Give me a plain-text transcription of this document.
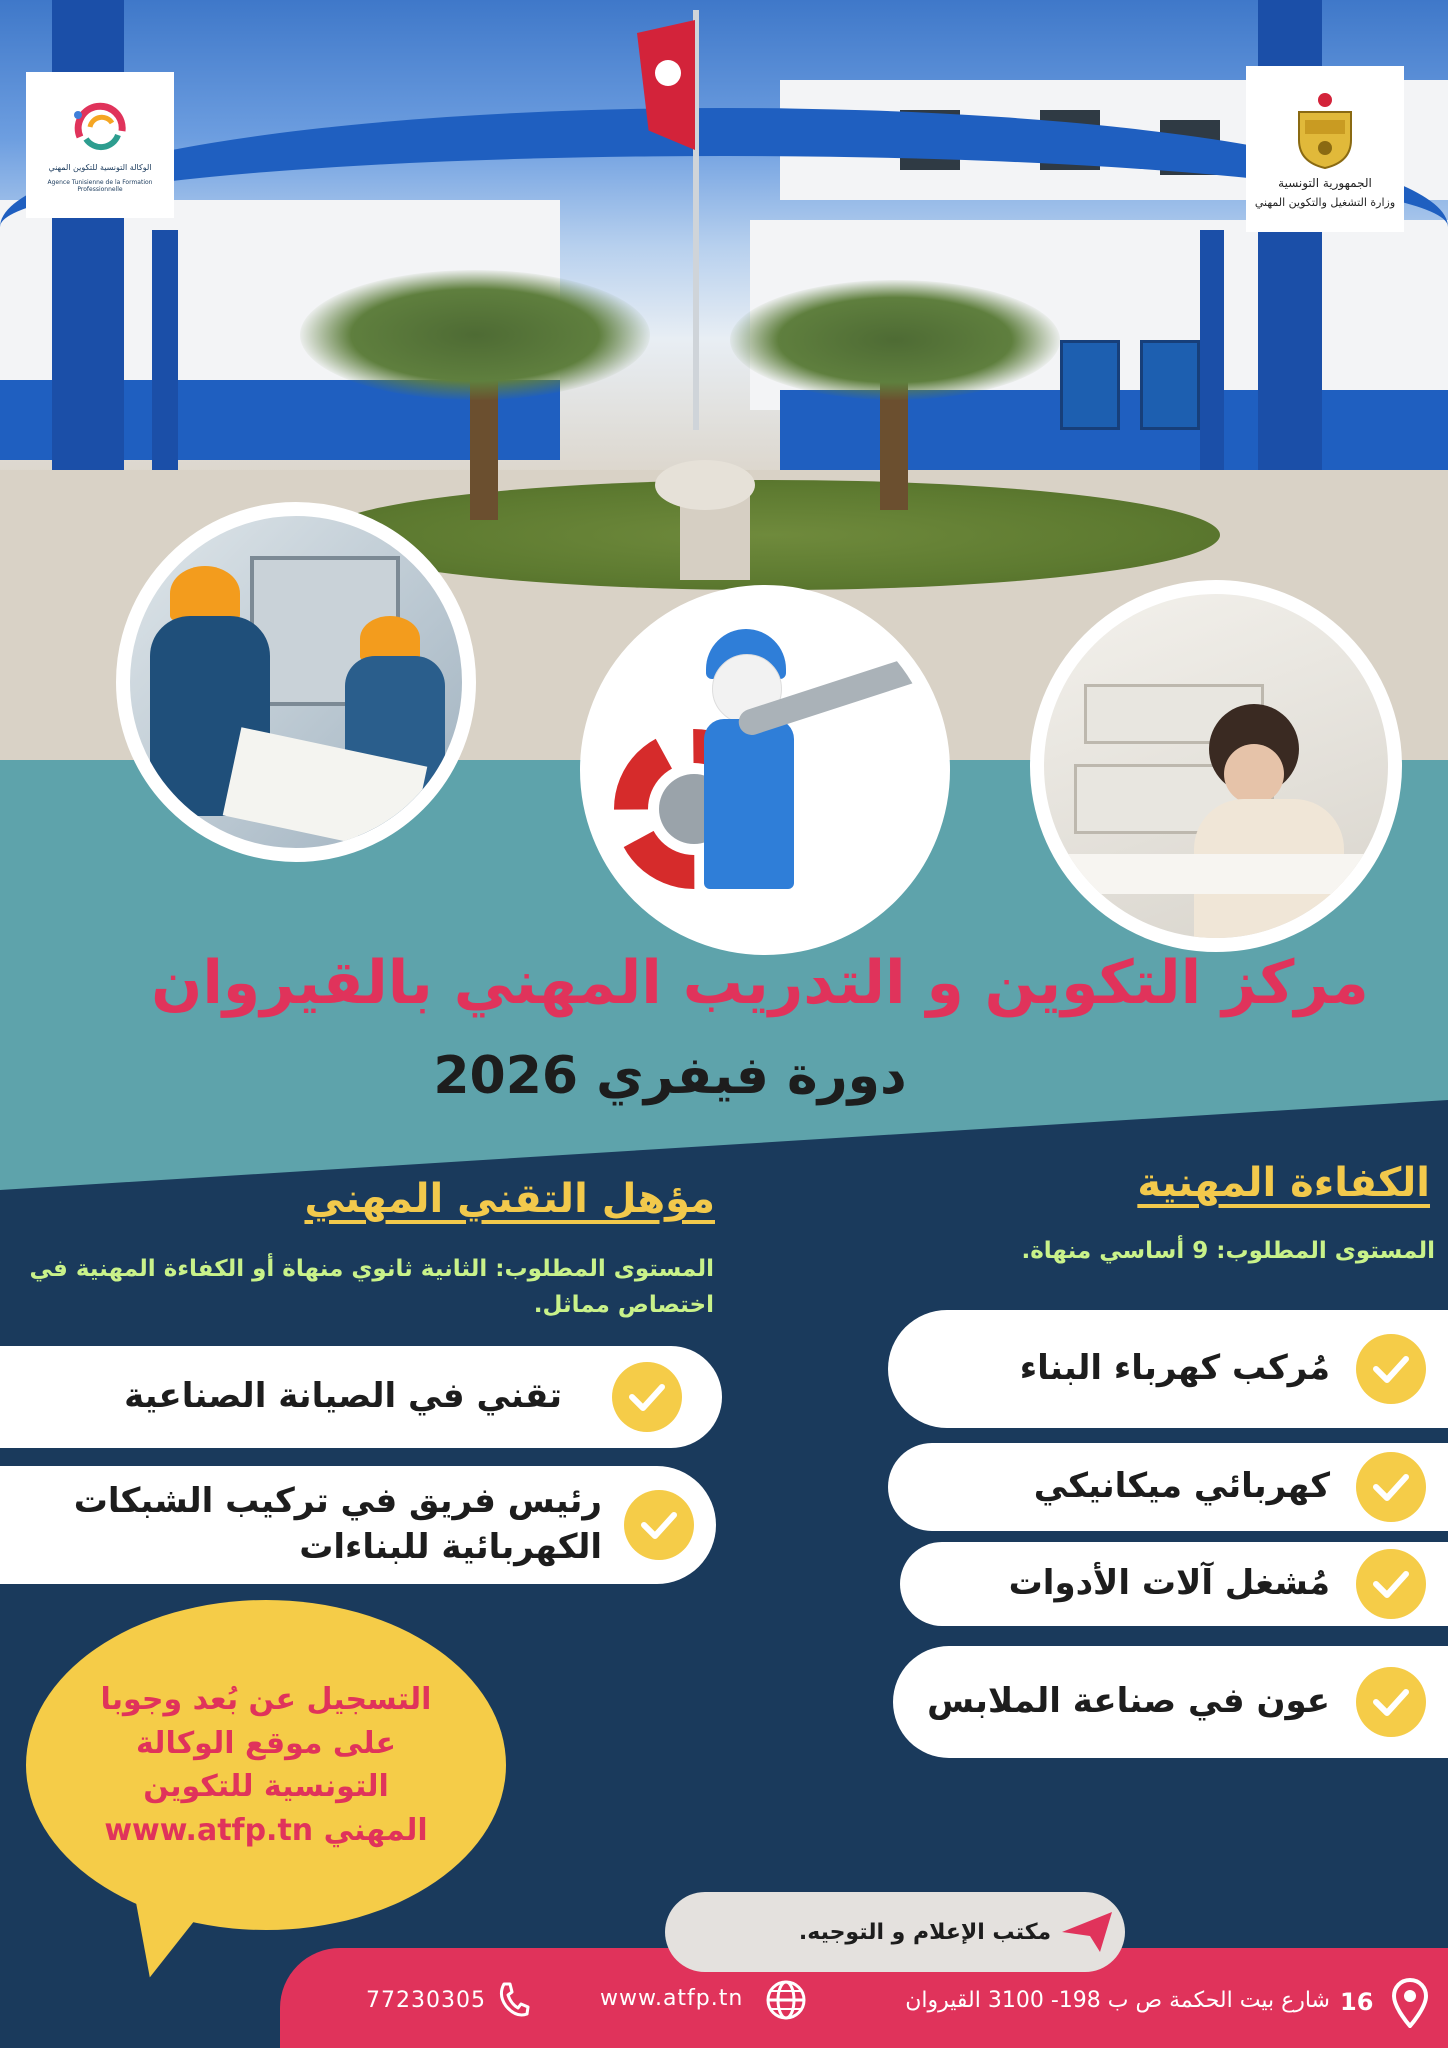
الوكالة التونسية للتكوين المهني
Agence Tunisienne de la Formation Professionnelle	الجمهورية التونسية
وزارة التشغيل والتكوين المهني
مركز التكوين و التدريب المهني بالقيروان
دورة فيفري 2026
الكفاءة المهنية
المستوى المطلوب: 9 أساسي منهاة.
مُركب كهرباء البناء
كهربائي ميكانيكي
مُشغل آلات الأدوات
عون في صناعة الملابس
مؤهل التقني المهني
المستوى المطلوب: الثانية ثانوي منهاة أو الكفاءة المهنية في اختصاص مماثل.
تقني في الصيانة الصناعية
رئيس فريق في تركيب الشبكات الكهربائية للبناءات
التسجيل عن بُعد وجوبا على موقع الوكالة التونسية للتكوين المهني www.atfp.tn
مكتب الإعلام و التوجيه.
16
شارع بيت الحكمة ص ب 198- 3100 القيروان
www.atfp.tn
77230305
